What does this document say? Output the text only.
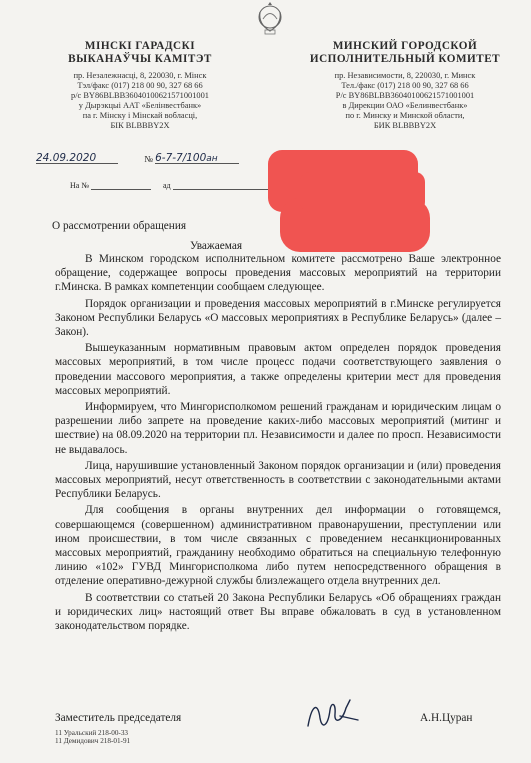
МІНСКІ ГАРАДСКІ
ВЫКАНАЎЧЫ КАМІТЭТ
пр. Незалежнасці, 8, 220030, г. Мінск
Тэл/факс (017) 218 00 90, 327 68 66
р/с BY86BLBB36040100621571001001
у Дырэкцыі ААТ «Белінвестбанк»
па г. Мінску і Мінскай вобласці,
БІК BLBBBY2X
МИНСКИЙ ГОРОДСКОЙ
ИСПОЛНИТЕЛЬНЫЙ КОМИТЕТ
пр. Независимости, 8, 220030, г. Минск
Тел./факс (017) 218 00 90, 327 68 66
Р/с BY86BLBB36040100621571001001
в Дирекции ОАО «Белинвестбанк»
по г. Минску и Минской области,
БИК BLBBBY2X
24.09.2020	№ 6-7-7/100ан
На №	ад
О рассмотрении обращения
Уважаемая

В Минском городском исполнительном комитете рассмотрено Ваше электронное обращение, содержащее вопросы проведения массовых мероприятий на территории г.Минска. В рамках компетенции сообщаем следующее.

Порядок организации и проведения массовых мероприятий в г.Минске регулируется Законом Республики Беларусь «О массовых мероприятиях в Республике Беларусь» (далее – Закон).

Вышеуказанным нормативным правовым актом определен порядок проведения массовых мероприятий, в том числе процесс подачи соответствующего заявления о проведении массового мероприятия, а также определены критерии мест для проведения массовых мероприятий.

Информируем, что Мингорисполкомом решений гражданам и юридическим лицам о разрешении либо запрете на проведение каких-либо массовых мероприятий (митинг и шествие) на 08.09.2020 на территории пл. Независимости и далее по просп. Независимости не выдавалось.

Лица, нарушившие установленный Законом порядок организации и (или) проведения массовых мероприятий, несут ответственность в соответствии с законодательными актами Республики Беларусь.

Для сообщения в органы внутренних дел информации о готовящемся, совершающемся (совершенном) административном правонарушении, преступлении или ином происшествии, в том числе связанных с проведением несанкционированных массовых мероприятий, гражданину необходимо обратиться на специальную телефонную линию «102» ГУВД Мингорисполкома либо путем непосредственного обращения в отделение оперативно-дежурной службы близлежащего отдела внутренних дел.

В соответствии со статьей 20 Закона Республики Беларусь «Об обращениях граждан и юридических лиц» настоящий ответ Вы вправе обжаловать в суд в установленном законодательством порядке.

Заместитель председателя	А.Н.Цуран
11 Уральский 218-00-33
11 Демидович 218-01-91
